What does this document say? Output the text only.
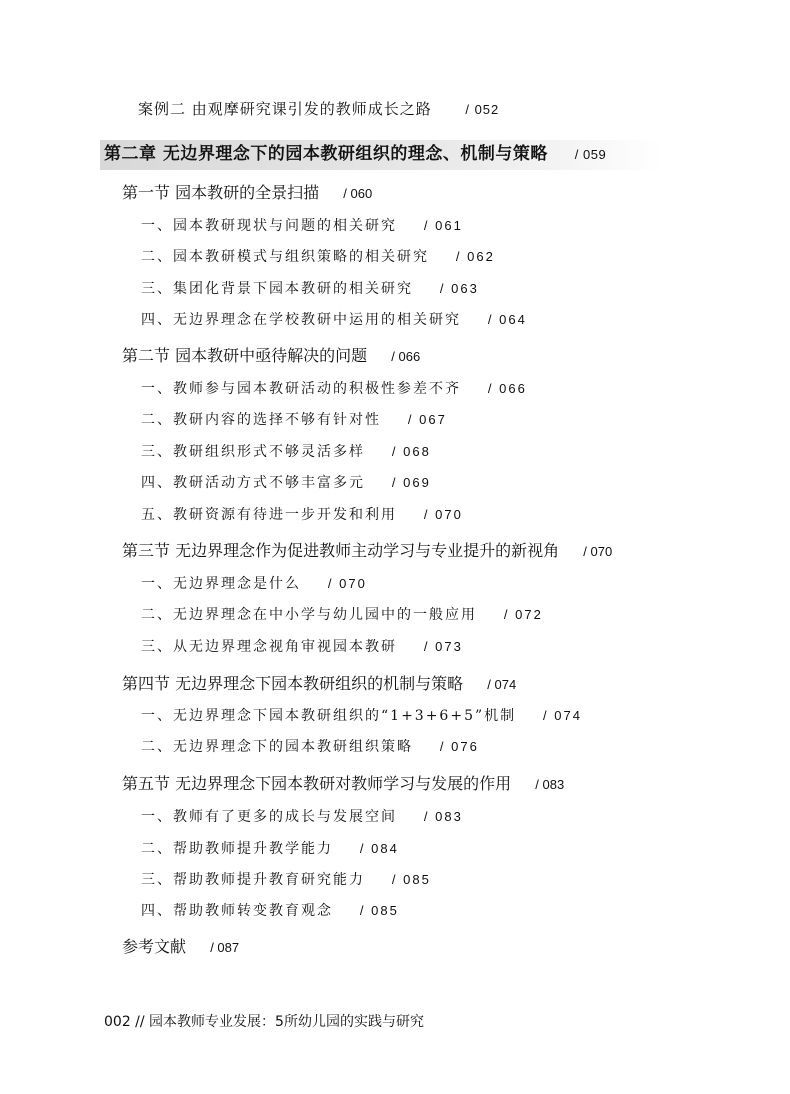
案例二 由观摩研究课引发的教师成长之路	/ 052
第二章 无边界理念下的园本教研组织的理念、机制与策略 / 059
第一节 园本教研的全景扫描 / 060
一、园本教研现状与问题的相关研究 / 061
二、园本教研模式与组织策略的相关研究 / 062
三、集团化背景下园本教研的相关研究 / 063
四、无边界理念在学校教研中运用的相关研究 / 064
第二节 园本教研中亟待解决的问题 / 066
一、教师参与园本教研活动的积极性参差不齐 / 066
二、教研内容的选择不够有针对性 / 067
三、教研组织形式不够灵活多样 / 068
四、教研活动方式不够丰富多元 / 069
五、教研资源有待进一步开发和利用 / 070
第三节 无边界理念作为促进教师主动学习与专业提升的新视角 / 070
一、无边界理念是什么 / 070
二、无边界理念在中小学与幼儿园中的一般应用 / 072
三、从无边界理念视角审视园本教研 / 073
第四节 无边界理念下园本教研组织的机制与策略 / 074
一、无边界理念下园本教研组织的“1+3+6+5”机制 / 074
二、无边界理念下的园本教研组织策略 / 076
第五节 无边界理念下园本教研对教师学习与发展的作用 / 083
一、教师有了更多的成长与发展空间 / 083
二、帮助教师提升教学能力 / 084
三、帮助教师提升教育研究能力 / 085
四、帮助教师转变教育观念 / 085
参考文献 / 087
002 // 园本教师专业发展：5所幼儿园的实践与研究
